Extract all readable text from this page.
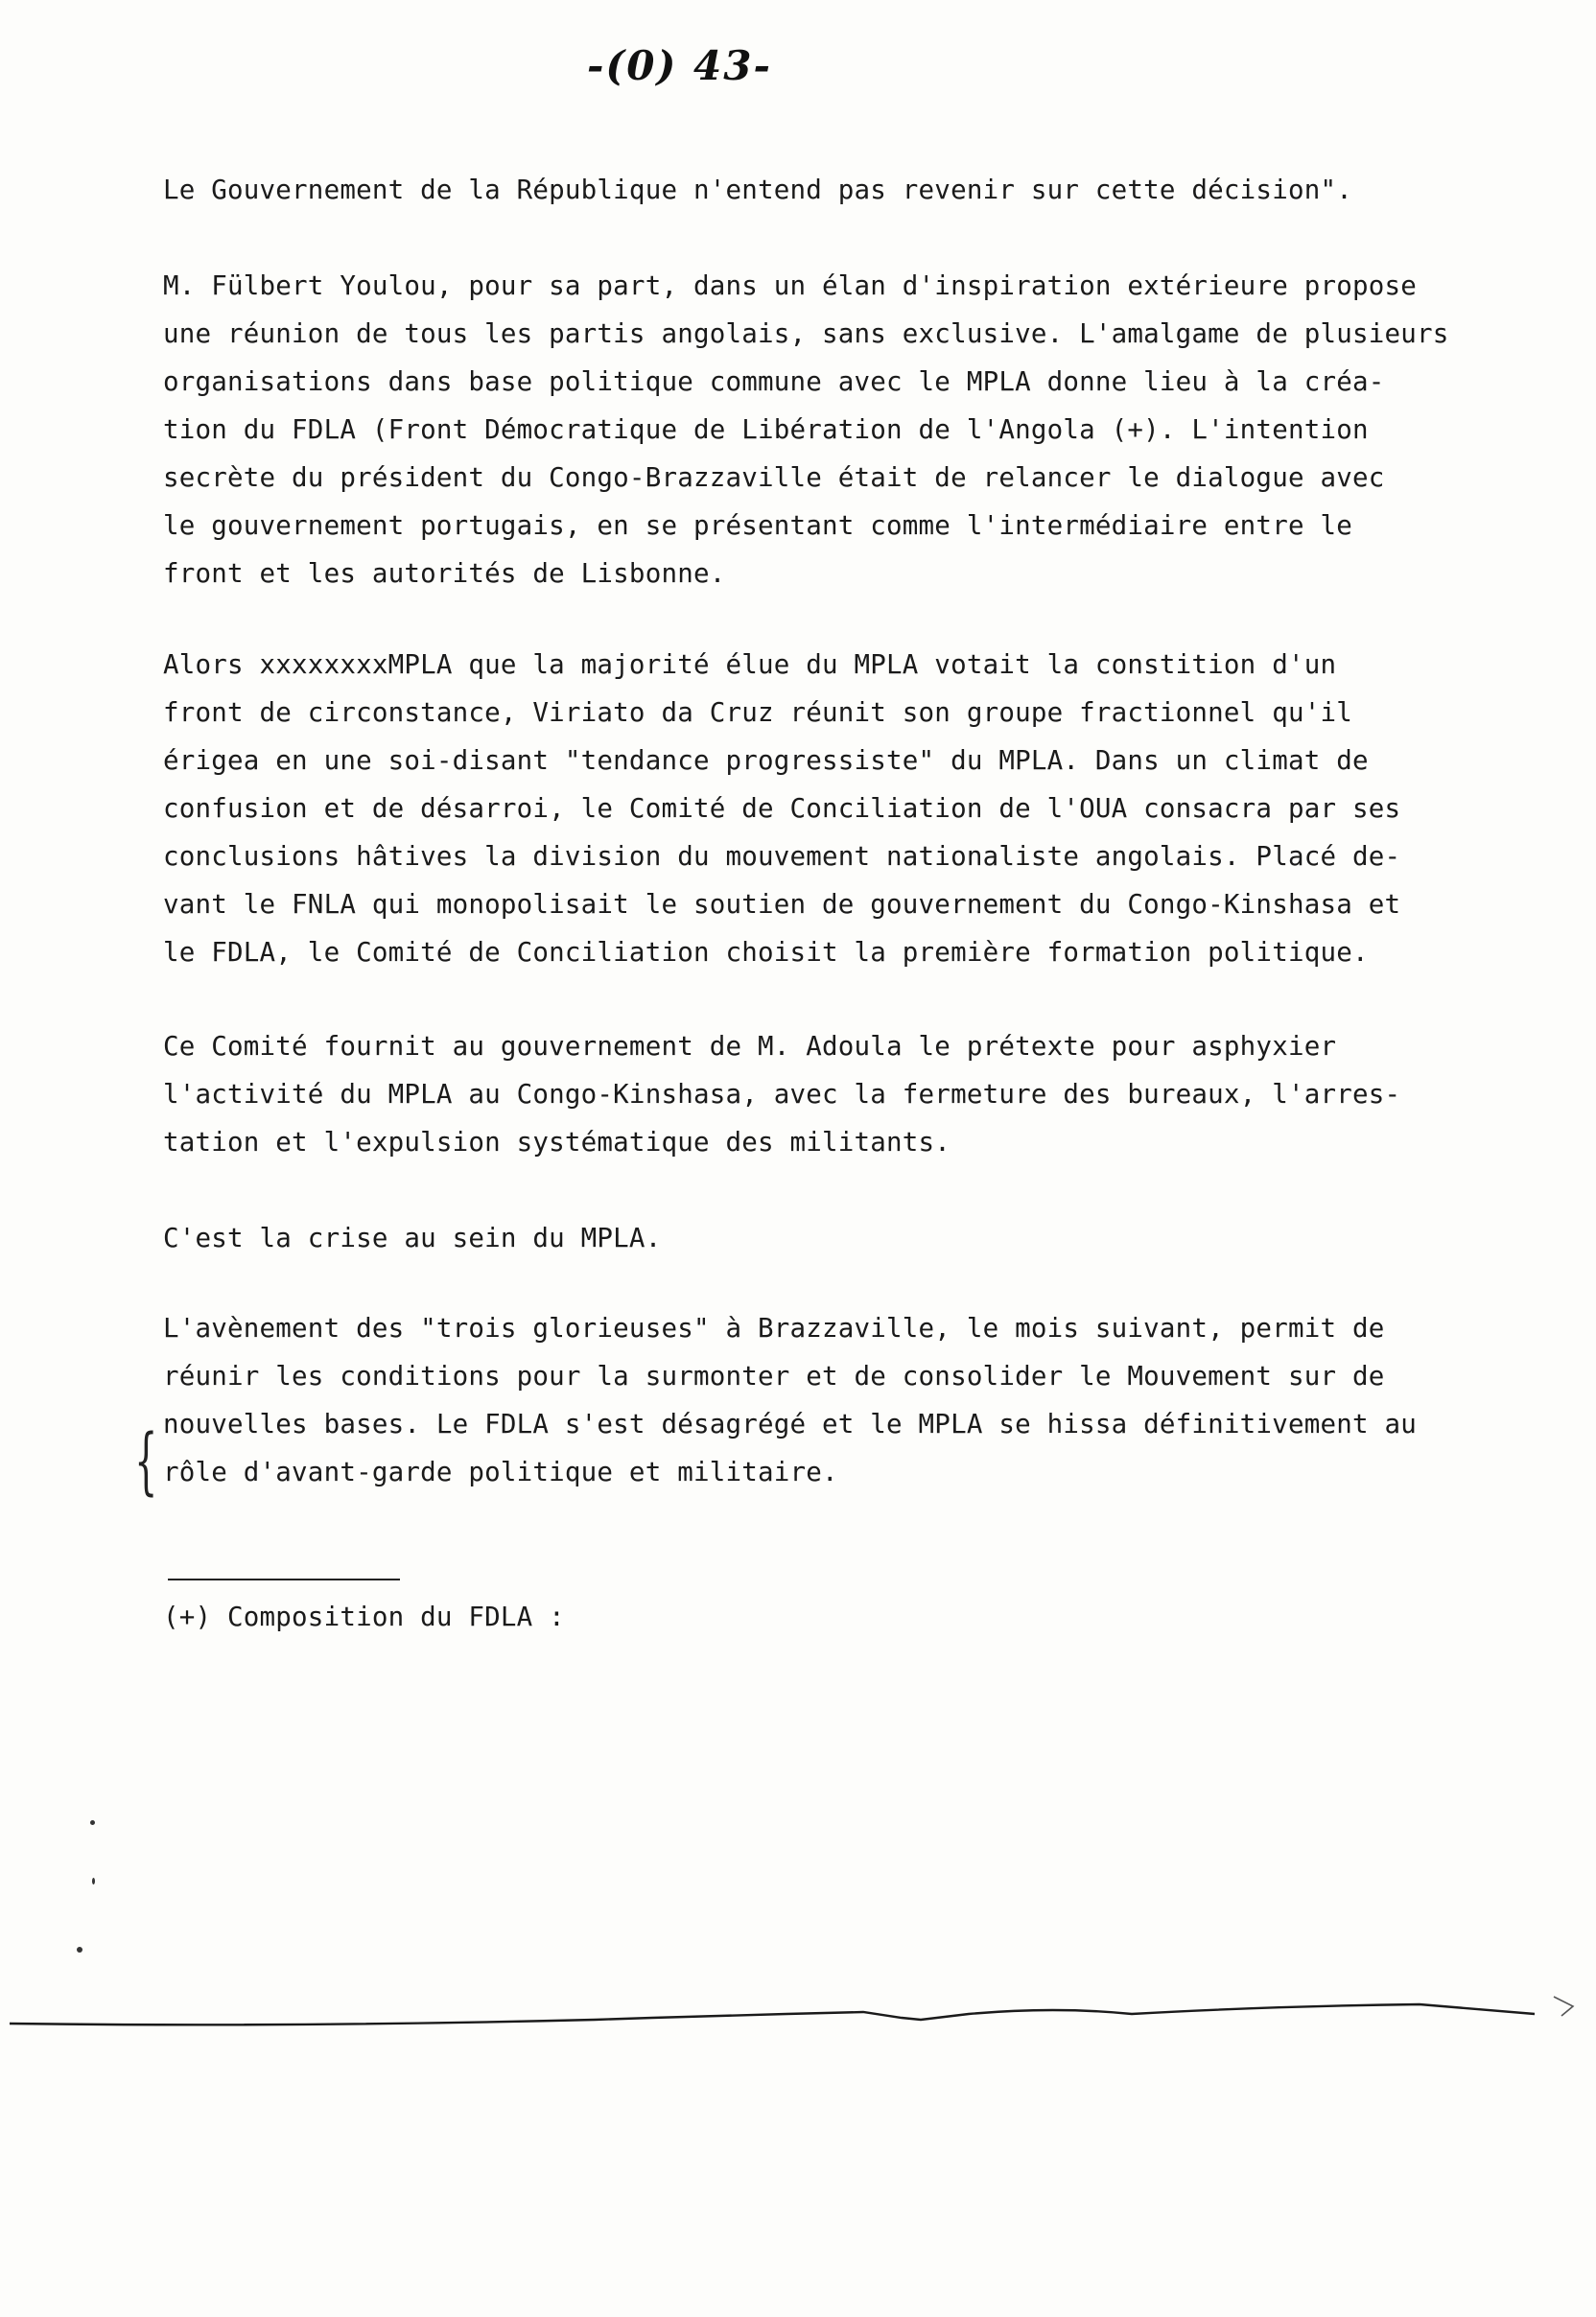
-(0) 43-
Le Gouvernement de la République n'entend pas revenir sur cette décision".
M. Fülbert Youlou, pour sa part, dans un élan d'inspiration extérieure propose
une réunion de tous les partis angolais, sans exclusive. L'amalgame de plusieurs
organisations dans base politique commune avec le MPLA donne lieu à la créa-
tion du FDLA (Front Démocratique de Libération de l'Angola (+). L'intention
secrète du président du Congo-Brazzaville était de relancer le dialogue avec
le gouvernement portugais, en se présentant comme l'intermédiaire entre le
front et les autorités de Lisbonne.
Alors xxxxxxxxMPLA que la majorité élue du MPLA votait la constition d'un
front de circonstance, Viriato da Cruz réunit son groupe fractionnel qu'il
érigea en une soi-disant "tendance progressiste" du MPLA. Dans un climat de
confusion et de désarroi, le Comité de Conciliation de l'OUA consacra par ses
conclusions hâtives la division du mouvement nationaliste angolais. Placé de-
vant le FNLA qui monopolisait le soutien de gouvernement du Congo-Kinshasa et
le FDLA, le Comité de Conciliation choisit la première formation politique.
Ce Comité fournit au gouvernement de M. Adoula le prétexte pour asphyxier
l'activité du MPLA au Congo-Kinshasa, avec la fermeture des bureaux, l'arres-
tation et l'expulsion systématique des militants.
C'est la crise au sein du MPLA.
L'avènement des "trois glorieuses" à Brazzaville, le mois suivant, permit de
réunir les conditions pour la surmonter et de consolider le Mouvement sur de
nouvelles bases. Le FDLA s'est désagrégé et le MPLA se hissa définitivement au
rôle d'avant-garde politique et militaire.
{
(+) Composition du FDLA :
